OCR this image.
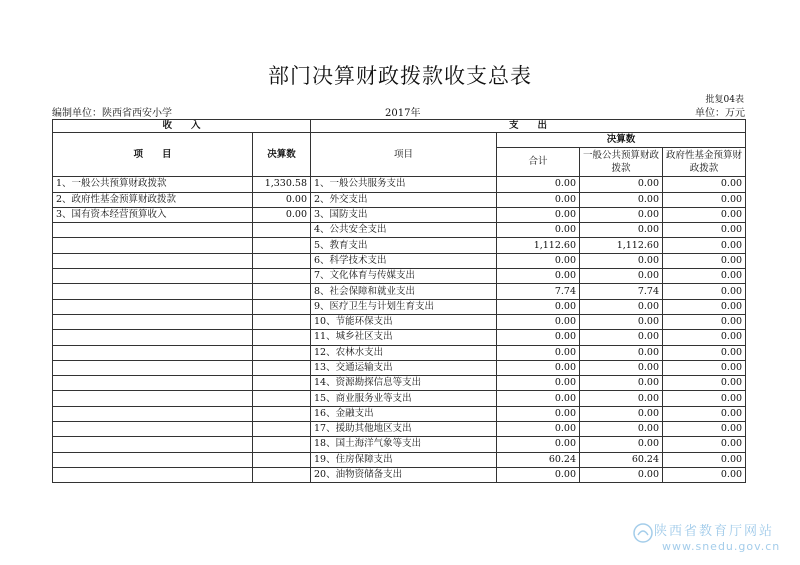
部门决算财政拨款收支总表
批复04表
编制单位：陕西省西安小学	2017年	单位：万元
收　　入		支　　出			
项　　目	决算数	项目	决算数		
			合计	一般公共预算财政拨款	政府性基金预算财政拨款
1、一般公共预算财政拨款	1,330.58	1、一般公共服务支出	0.00	0.00	0.00
2、政府性基金预算财政拨款	0.00	2、外交支出	0.00	0.00	0.00
3、国有资本经营预算收入	0.00	3、国防支出	0.00	0.00	0.00
		4、公共安全支出	0.00	0.00	0.00
		5、教育支出	1,112.60	1,112.60	0.00
		6、科学技术支出	0.00	0.00	0.00
		7、文化体育与传媒支出	0.00	0.00	0.00
		8、社会保障和就业支出	7.74	7.74	0.00
		9、医疗卫生与计划生育支出	0.00	0.00	0.00
		10、节能环保支出	0.00	0.00	0.00
		11、城乡社区支出	0.00	0.00	0.00
		12、农林水支出	0.00	0.00	0.00
		13、交通运输支出	0.00	0.00	0.00
		14、资源勘探信息等支出	0.00	0.00	0.00
		15、商业服务业等支出	0.00	0.00	0.00
		16、金融支出	0.00	0.00	0.00
		17、援助其他地区支出	0.00	0.00	0.00
		18、国土海洋气象等支出	0.00	0.00	0.00
		19、住房保障支出	60.24	60.24	0.00
		20、油物资储备支出	0.00	0.00	0.00
陕西省教育厅网站
www.snedu.gov.cn
